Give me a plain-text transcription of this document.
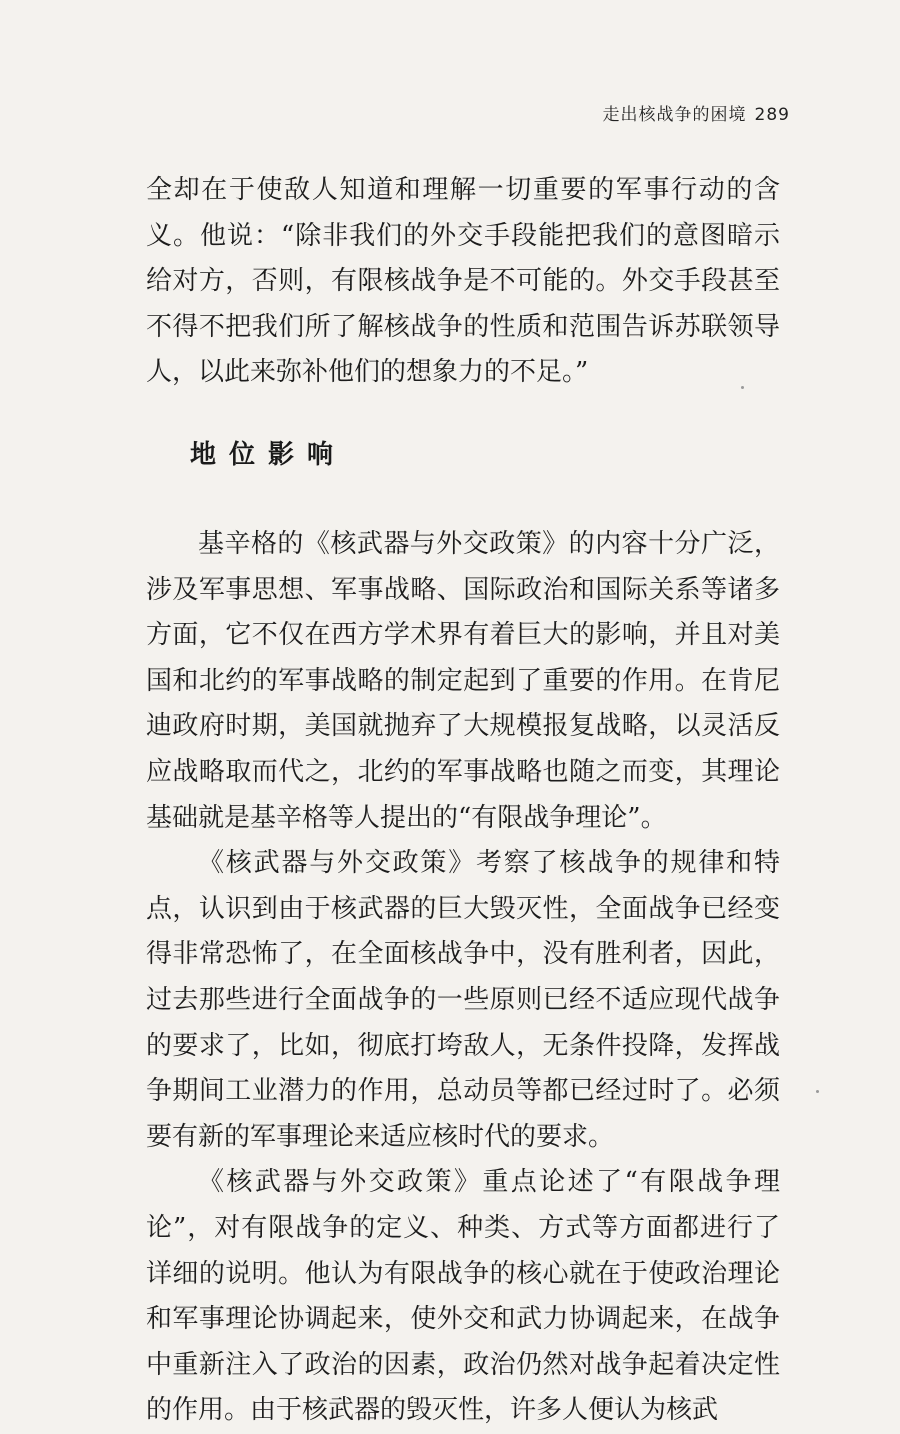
走出核战争的困境 289

全却在于使敌人知道和理解一切重要的军事行动的含义。他说：“除非我们的外交手段能把我们的意图暗示给对方，否则，有限核战争是不可能的。外交手段甚至不得不把我们所了解核战争的性质和范围告诉苏联领导人，以此来弥补他们的想象力的不足。”

地位影响

基辛格的《核武器与外交政策》的内容十分广泛，涉及军事思想、军事战略、国际政治和国际关系等诸多方面，它不仅在西方学术界有着巨大的影响，并且对美国和北约的军事战略的制定起到了重要的作用。在肯尼迪政府时期，美国就抛弃了大规模报复战略，以灵活反应战略取而代之，北约的军事战略也随之而变，其理论基础就是基辛格等人提出的“有限战争理论”。

《核武器与外交政策》考察了核战争的规律和特点，认识到由于核武器的巨大毁灭性，全面战争已经变得非常恐怖了，在全面核战争中，没有胜利者，因此，过去那些进行全面战争的一些原则已经不适应现代战争的要求了，比如，彻底打垮敌人，无条件投降，发挥战争期间工业潜力的作用，总动员等都已经过时了。必须要有新的军事理论来适应核时代的要求。

《核武器与外交政策》重点论述了“有限战争理论”，对有限战争的定义、种类、方式等方面都进行了详细的说明。他认为有限战争的核心就在于使政治理论和军事理论协调起来，使外交和武力协调起来，在战争中重新注入了政治的因素，政治仍然对战争起着决定性的作用。由于核武器的毁灭性，许多人便认为核武
